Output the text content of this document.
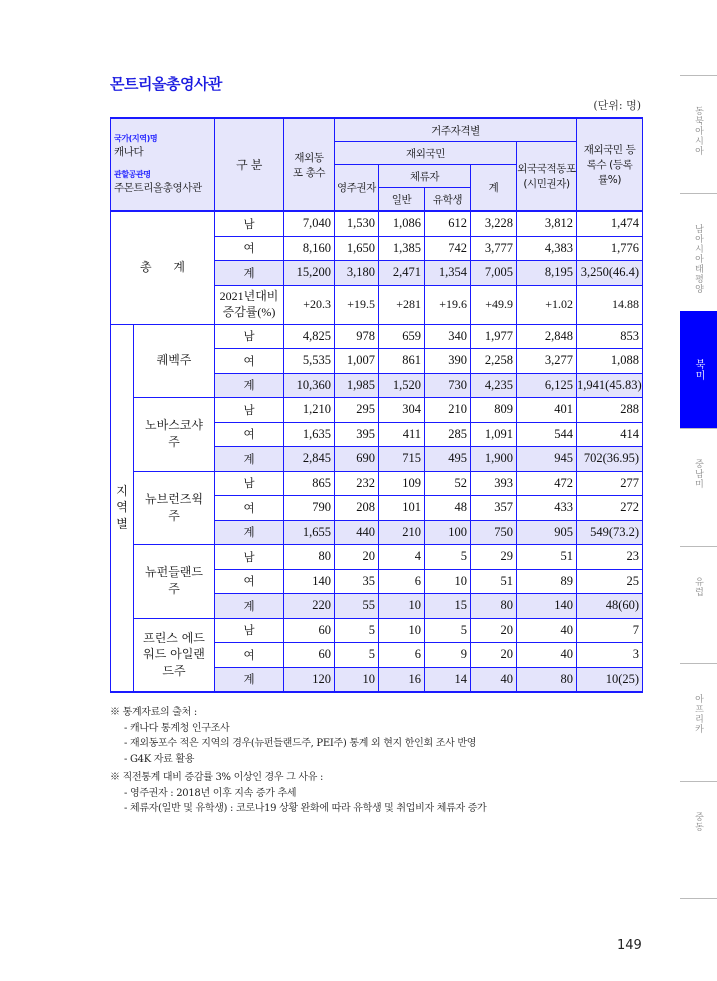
몬트리올총영사관
(단위: 명)
국가(지역)명
캐나다
관할공관명
주몬트리올총영사관		구 분	재외동포 총수	거주자격별					재외국민 등록수 (등록률%)
				재외국민				외국국적동포 (시민권자)	
				영주권자	체류자		계		
					일반	유학생			
총 계		남	7,040	1,530	1,086	612	3,228	3,812	1,474
		여	8,160	1,650	1,385	742	3,777	4,383	1,776
		계	15,200	3,180	2,471	1,354	7,005	8,195	3,250(46.4)
		2021년대비 증감률(%)	+20.3	+19.5	+281	+19.6	+49.9	+1.02	14.88
지역별	퀘벡주	남	4,825	978	659	340	1,977	2,848	853
		여	5,535	1,007	861	390	2,258	3,277	1,088
		계	10,360	1,985	1,520	730	4,235	6,125	1,941(45.83)
	노바스코샤주	남	1,210	295	304	210	809	401	288
		여	1,635	395	411	285	1,091	544	414
		계	2,845	690	715	495	1,900	945	702(36.95)
	뉴브런즈윅주	남	865	232	109	52	393	472	277
		여	790	208	101	48	357	433	272
		계	1,655	440	210	100	750	905	549(73.2)
	뉴펀들랜드주	남	80	20	4	5	29	51	23
		여	140	35	6	10	51	89	25
		계	220	55	10	15	80	140	48(60)
	프린스 에드워드 아일랜드주	남	60	5	10	5	20	40	7
		여	60	5	6	9	20	40	3
		계	120	10	16	14	40	80	10(25)
※ 통계자료의 출처 :
- 캐나다 통계청 인구조사
- 재외동포수 적은 지역의 경우(뉴펀들랜드주, PEI주) 통계 외 현지 한인회 조사 반영
- G4K 자료 활용
※ 직전통계 대비 증감률 3% 이상인 경우 그 사유 :
- 영주권자 : 2018년 이후 지속 증가 추세
- 체류자(일반 및 유학생) : 코로나19 상황 완화에 따라 유학생 및 취업비자 체류자 증가
동북아시아
남아시아태평양
북미
중남미
유럽
아프리카
중동
149
